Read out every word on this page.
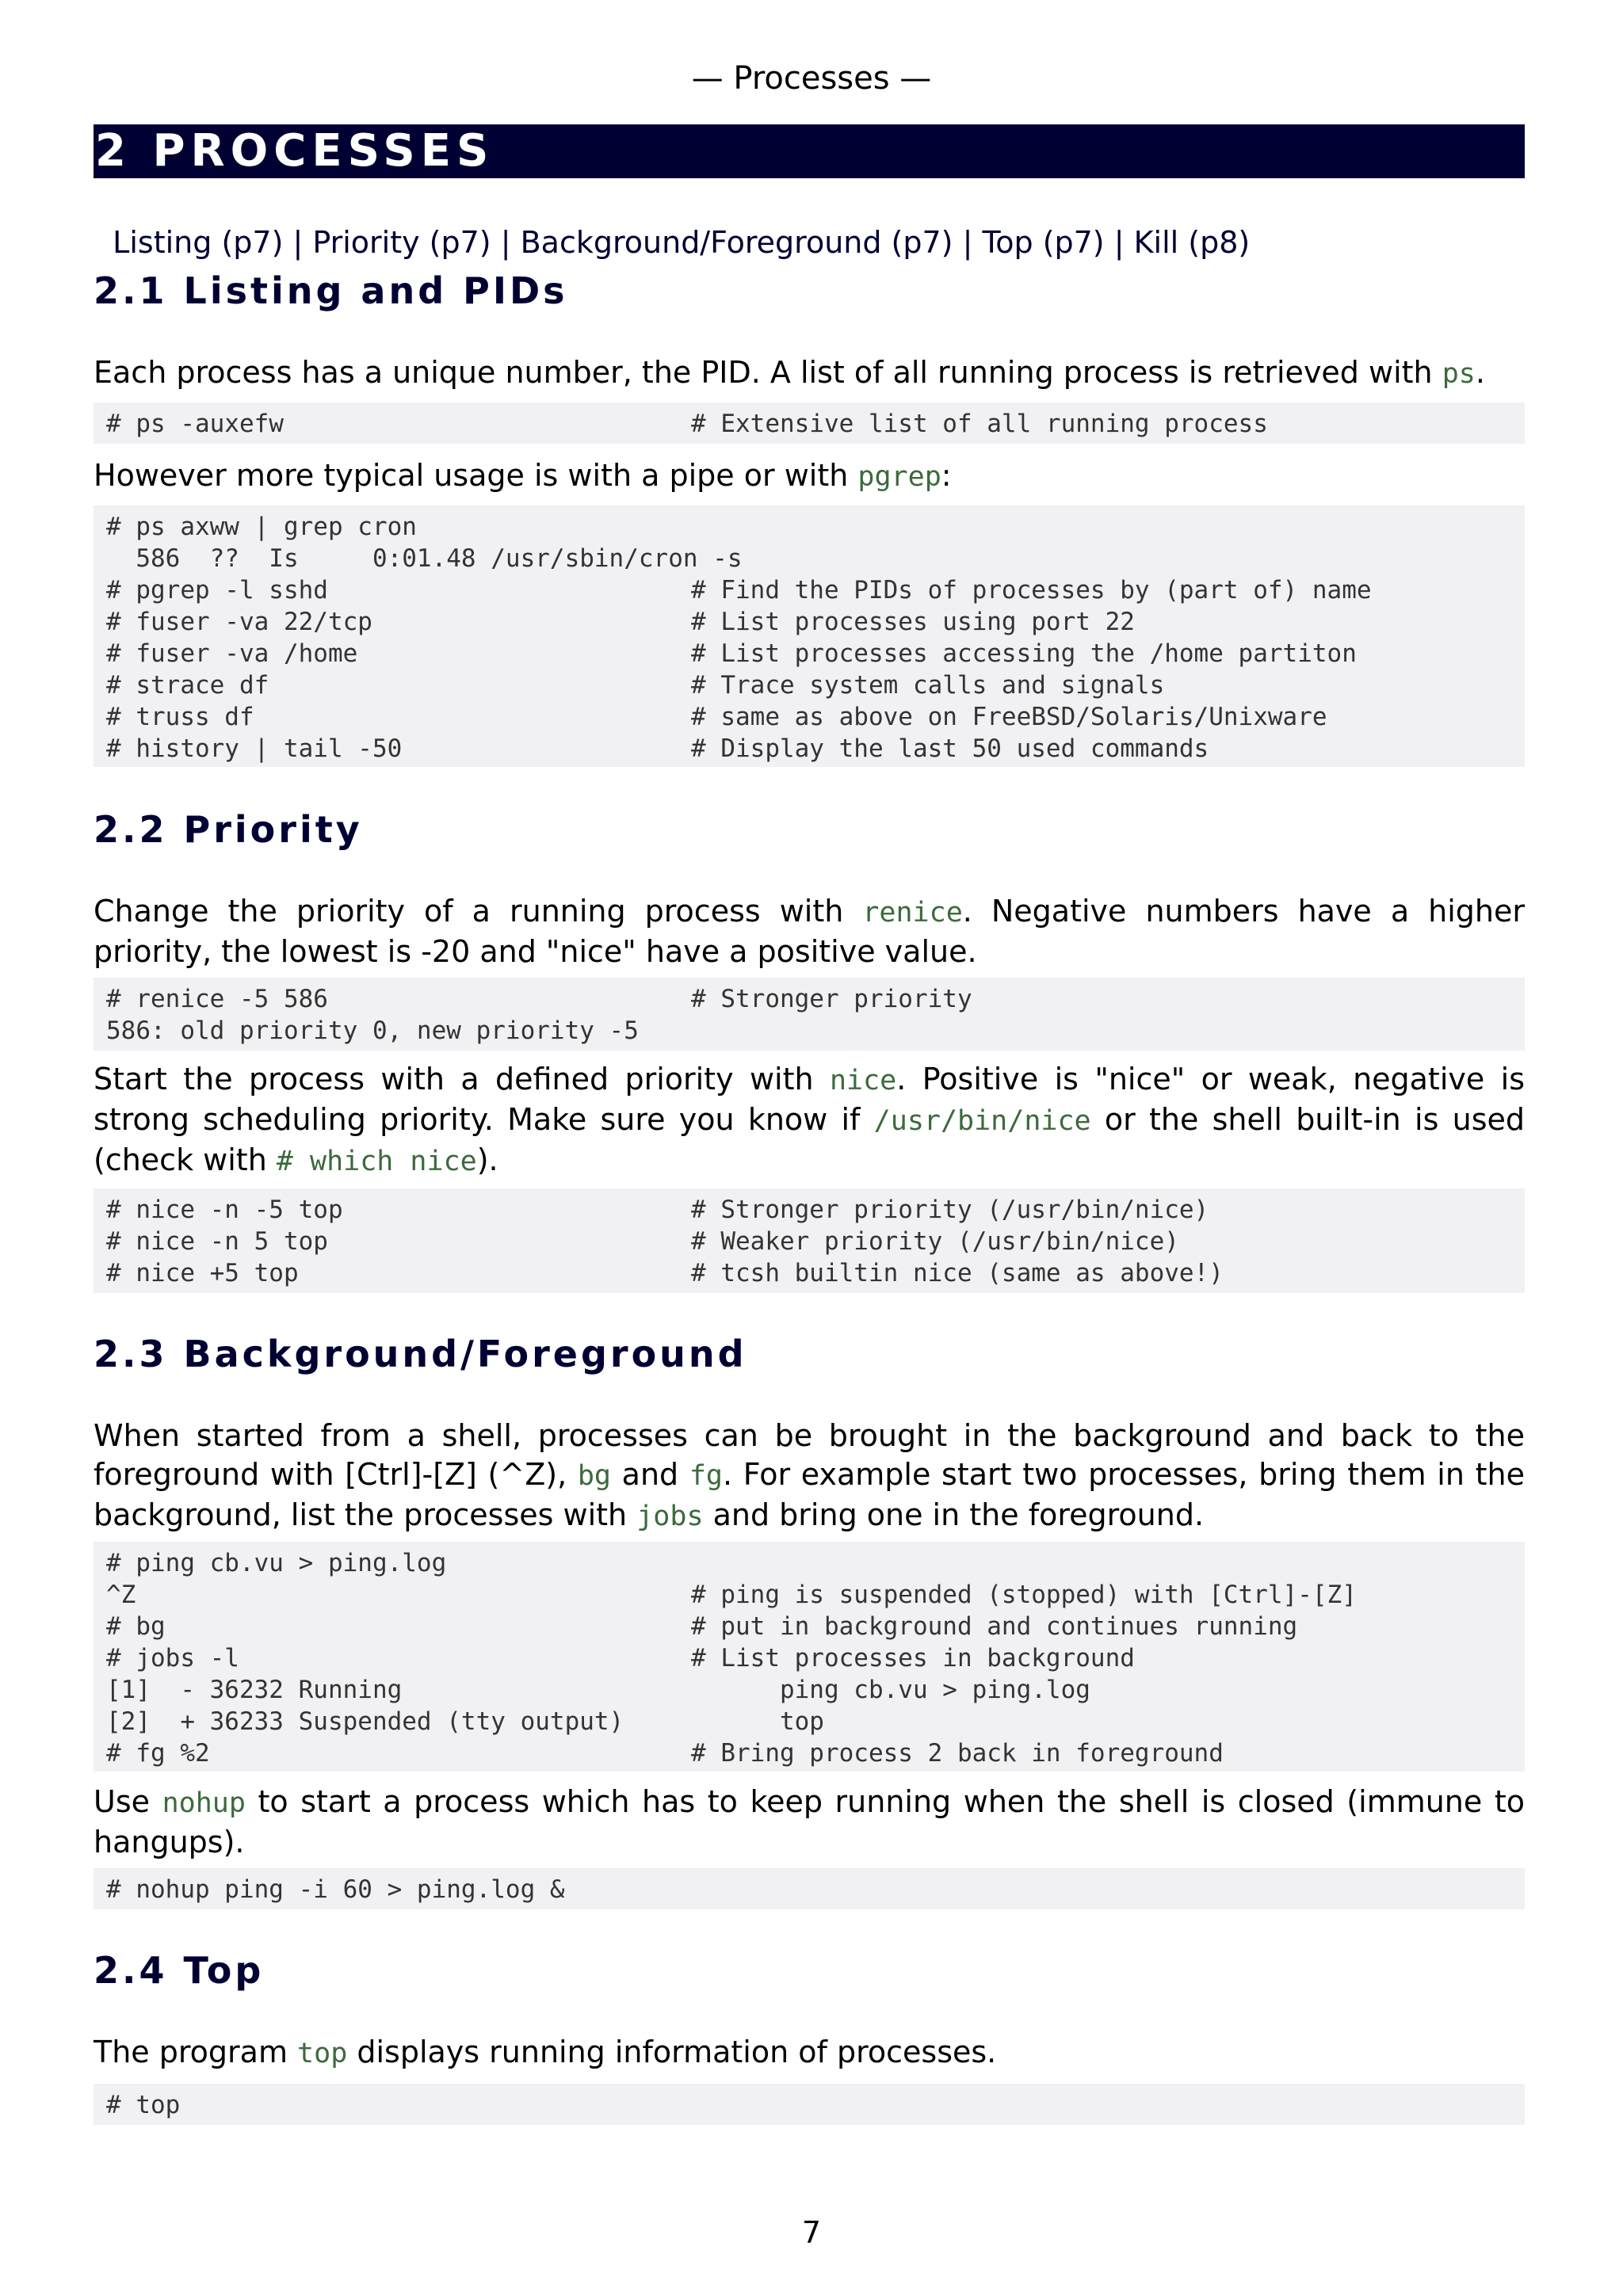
— Processes —
2 PROCESSES

Listing (p7) | Priority (p7) | Background/Foreground (p7) | Top (p7) | Kill (p8)

2.1 Listing and PIDs
Each process has a unique number, the PID. A list of all running process is retrieved with ps.
# ps -auxefw	# Extensive list of all running process
However more typical usage is with a pipe or with pgrep:
# ps axww | grep cron
586  ??  Is     0:01.48 /usr/sbin/cron -s
# pgrep -l sshd	# Find the PIDs of processes by (part of) name
# fuser -va 22/tcp	# List processes using port 22
# fuser -va /home	# List processes accessing the /home partiton
# strace df	# Trace system calls and signals
# truss df	# same as above on FreeBSD/Solaris/Unixware
# history | tail -50	# Display the last 50 used commands
2.2 Priority
Change the priority of a running process with renice. Negative numbers have a higher priority, the lowest is -20 and "nice" have a positive value.
# renice -5 586	# Stronger priority
586: old priority 0, new priority -5
Start the process with a defined priority with nice. Positive is "nice" or weak, negative is strong scheduling priority. Make sure you know if /usr/bin/nice or the shell built-in is used (check with # which nice).
# nice -n -5 top	# Stronger priority (/usr/bin/nice)
# nice -n 5 top	# Weaker priority (/usr/bin/nice)
# nice +5 top	# tcsh builtin nice (same as above!)
2.3 Background/Foreground
When started from a shell, processes can be brought in the background and back to the foreground with [Ctrl]-[Z] (^Z), bg and fg. For example start two processes, bring them in the background, list the processes with jobs and bring one in the foreground.
# ping cb.vu > ping.log
^Z	# ping is suspended (stopped) with [Ctrl]-[Z]
# bg	# put in background and continues running
# jobs -l	# List processes in background
[1]  - 36232 Running	ping cb.vu > ping.log
[2]  + 36233 Suspended (tty output)	top
# fg %2	# Bring process 2 back in foreground
Use nohup to start a process which has to keep running when the shell is closed (immune to hangups).
# nohup ping -i 60 > ping.log &
2.4 Top
The program top displays running information of processes.
# top
7
